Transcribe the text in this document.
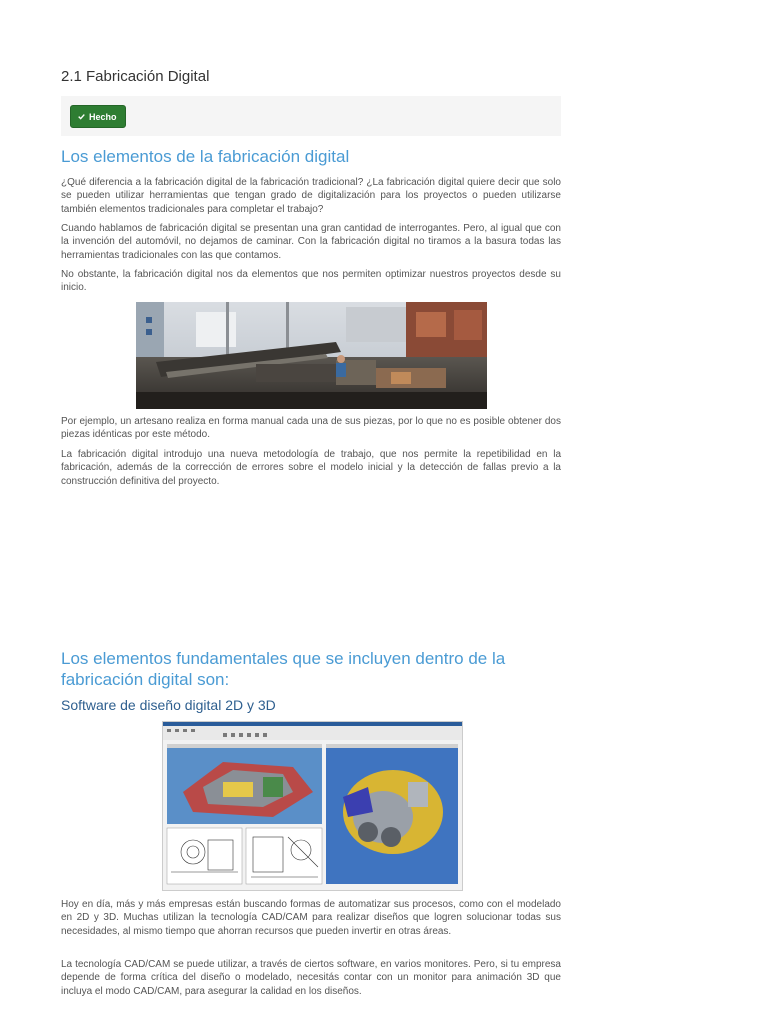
2.1 Fabricación Digital
Hecho
Los elementos de la fabricación digital

¿Qué diferencia a la fabricación digital de la fabricación tradicional? ¿La fabricación digital quiere decir que solo se pueden utilizar herramientas que tengan grado de digitalización para los proyectos o pueden utilizarse también elementos tradicionales para completar el trabajo?

Cuando hablamos de fabricación digital se presentan una gran cantidad de interrogantes. Pero, al igual que con la invención del automóvil, no dejamos de caminar. Con la fabricación digital no tiramos a la basura todas las herramientas tradicionales con las que contamos.

No obstante, la fabricación digital nos da elementos que nos permiten optimizar nuestros proyectos desde su inicio.

Por ejemplo, un artesano realiza en forma manual cada una de sus piezas, por lo que no es posible obtener dos piezas idénticas por este método.

La fabricación digital introdujo una nueva metodología de trabajo, que nos permite la repetibilidad en la fabricación, además de la corrección de errores sobre el modelo inicial y la detección de fallas previo a la construcción definitiva del proyecto.

Los elementos fundamentales que se incluyen dentro de la fabricación digital son:
Software de diseño digital 2D y 3D

Hoy en día, más y más empresas están buscando formas de automatizar sus procesos, como con el modelado en 2D y 3D. Muchas utilizan la tecnología CAD/CAM para realizar diseños que logren solucionar todas sus necesidades, al mismo tiempo que ahorran recursos que pueden invertir en otras áreas.

La tecnología CAD/CAM se puede utilizar, a través de ciertos software, en varios monitores. Pero, si tu empresa depende de forma crítica del diseño o modelado, necesitás contar con un monitor para animación 3D que incluya el modo CAD/CAM, para asegurar la calidad en los diseños.
